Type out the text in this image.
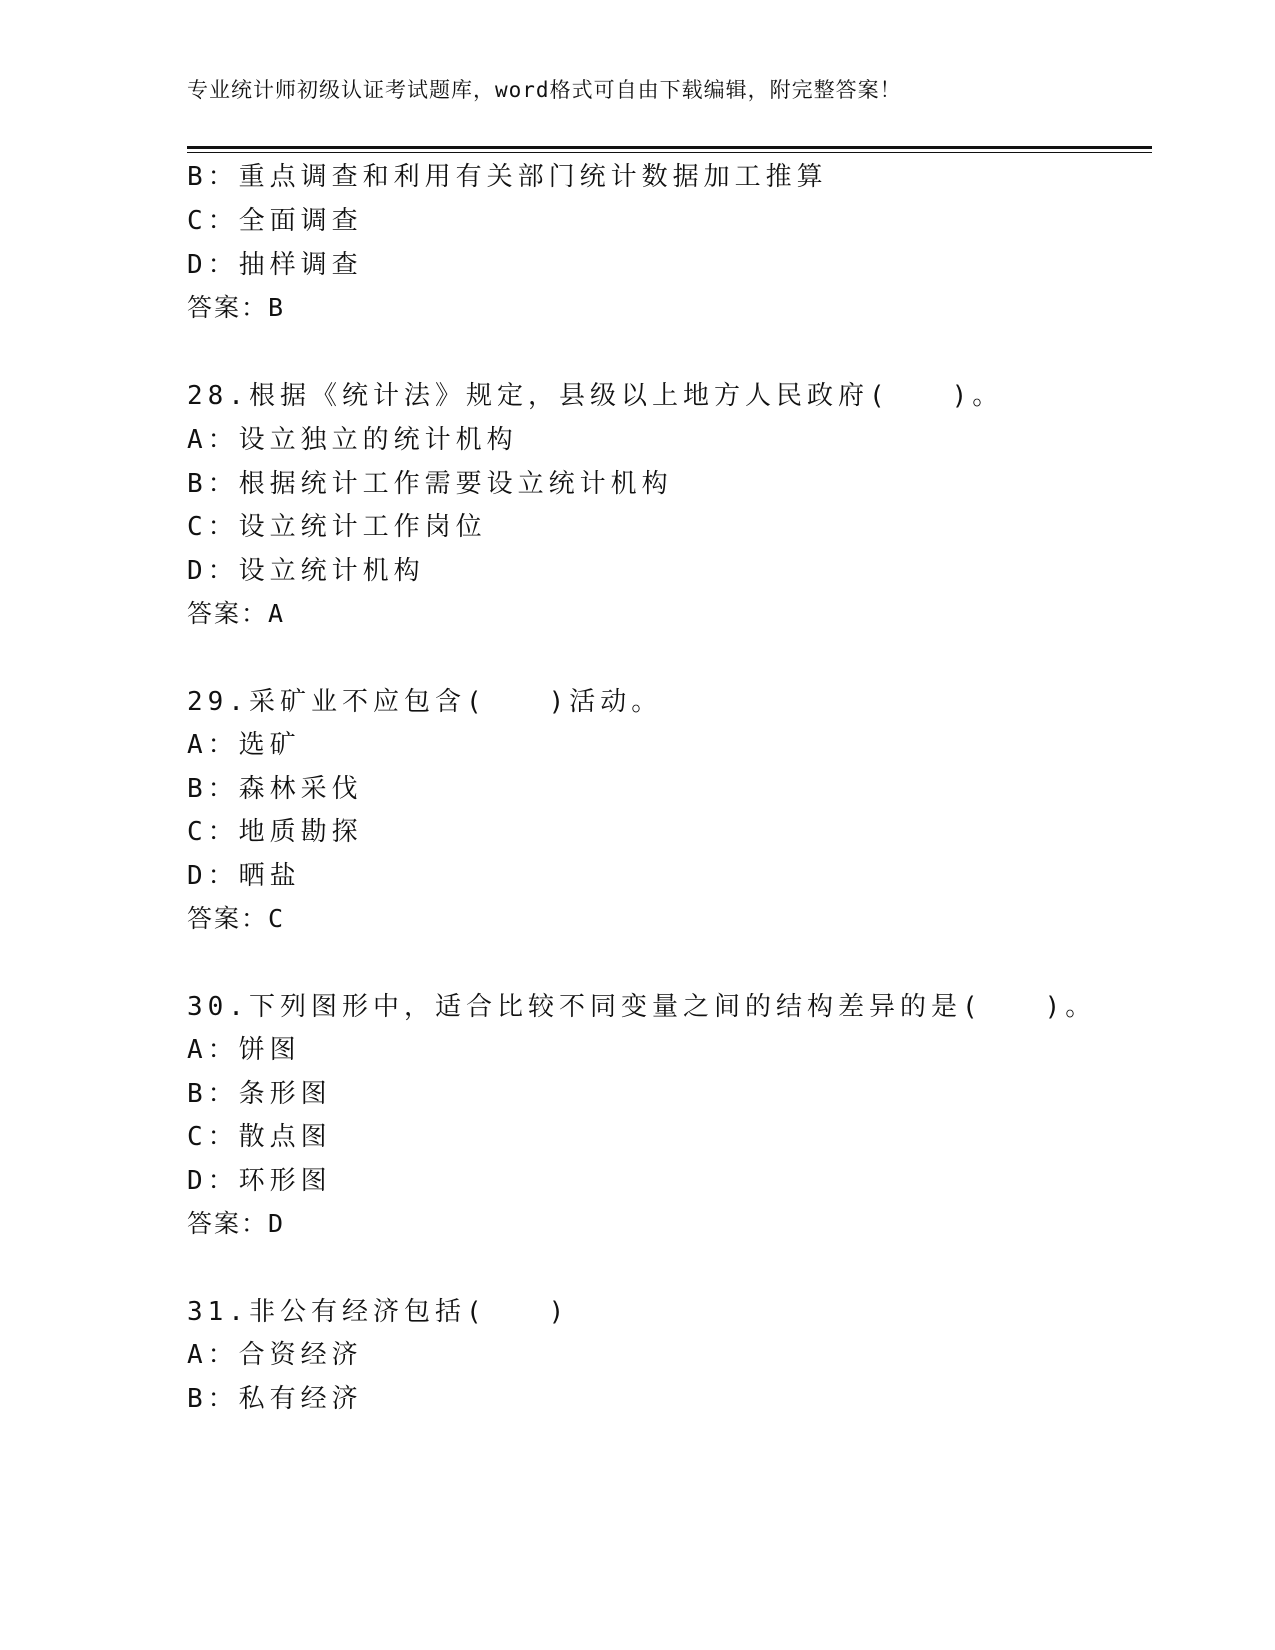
专业统计师初级认证考试题库，word格式可自由下载编辑，附完整答案！
B：重点调查和利用有关部门统计数据加工推算
C：全面调查
D：抽样调查
答案：B
28.根据《统计法》规定，县级以上地方人民政府(　　)。
A：设立独立的统计机构
B：根据统计工作需要设立统计机构
C：设立统计工作岗位
D：设立统计机构
答案：A
29.采矿业不应包含(　　)活动。
A：选矿
B：森林采伐
C：地质勘探
D：晒盐
答案：C
30.下列图形中，适合比较不同变量之间的结构差异的是(　　)。
A：饼图
B：条形图
C：散点图
D：环形图
答案：D
31.非公有经济包括(　　)
A：合资经济
B：私有经济
